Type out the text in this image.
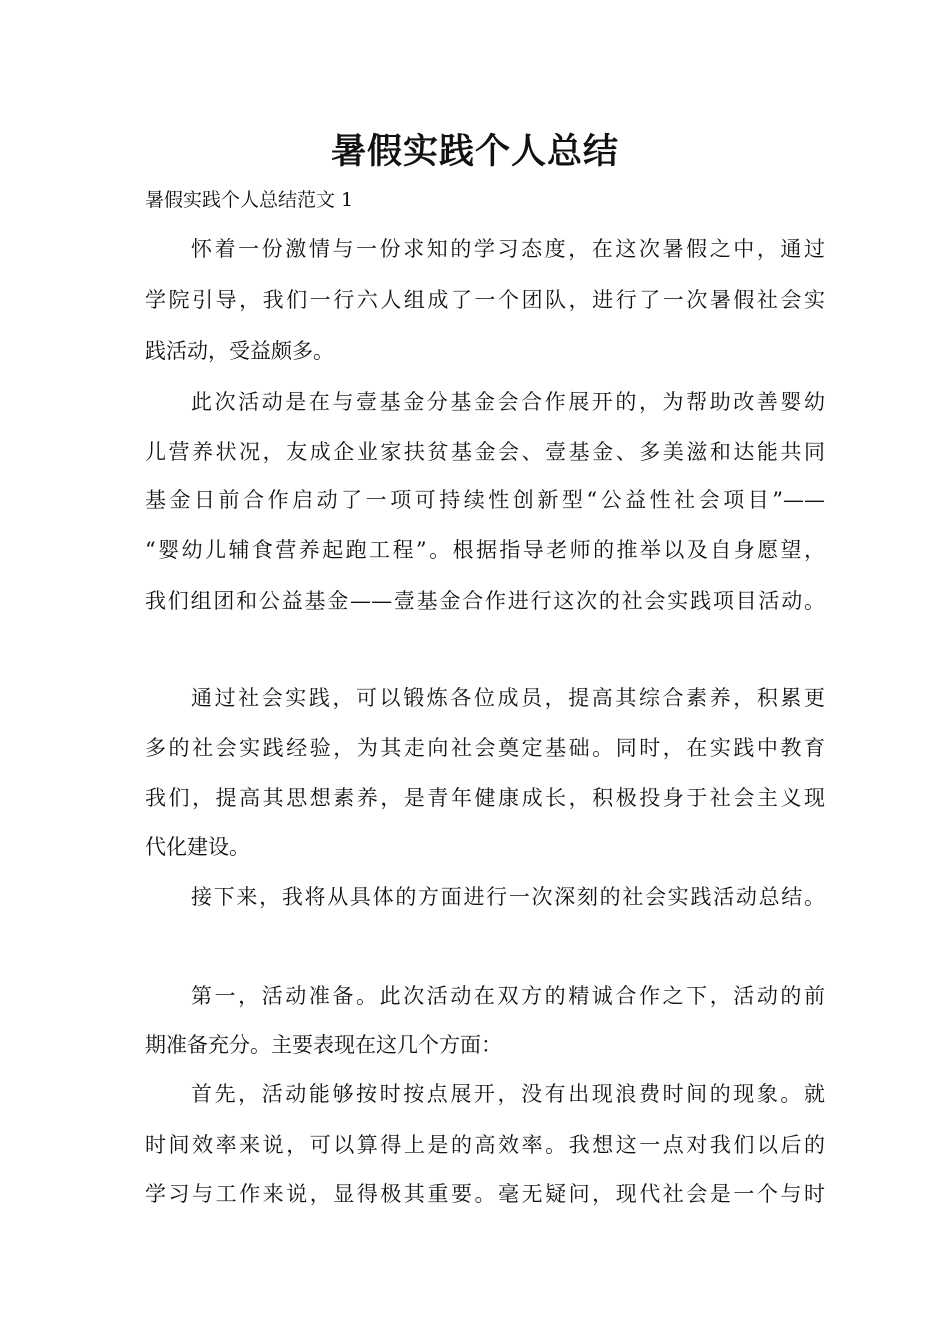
暑假实践个人总结

暑假实践个人总结范文 1

怀着一份激情与一份求知的学习态度，在这次暑假之中，通过

学院引导，我们一行六人组成了一个团队，进行了一次暑假社会实

践活动，受益颇多。

此次活动是在与壹基金分基金会合作展开的，为帮助改善婴幼

儿营养状况，友成企业家扶贫基金会、壹基金、多美滋和达能共同

基金日前合作启动了一项可持续性创新型“公益性社会项目”——

“婴幼儿辅食营养起跑工程”。根据指导老师的推举以及自身愿望，

我们组团和公益基金——壹基金合作进行这次的社会实践项目活动。

通过社会实践，可以锻炼各位成员，提高其综合素养，积累更

多的社会实践经验，为其走向社会奠定基础。同时，在实践中教育

我们，提高其思想素养，是青年健康成长，积极投身于社会主义现

代化建设。

接下来，我将从具体的方面进行一次深刻的社会实践活动总结。

第一，活动准备。此次活动在双方的精诚合作之下，活动的前

期准备充分。主要表现在这几个方面：

首先，活动能够按时按点展开，没有出现浪费时间的现象。就

时间效率来说，可以算得上是的高效率。我想这一点对我们以后的

学习与工作来说，显得极其重要。毫无疑问，现代社会是一个与时
